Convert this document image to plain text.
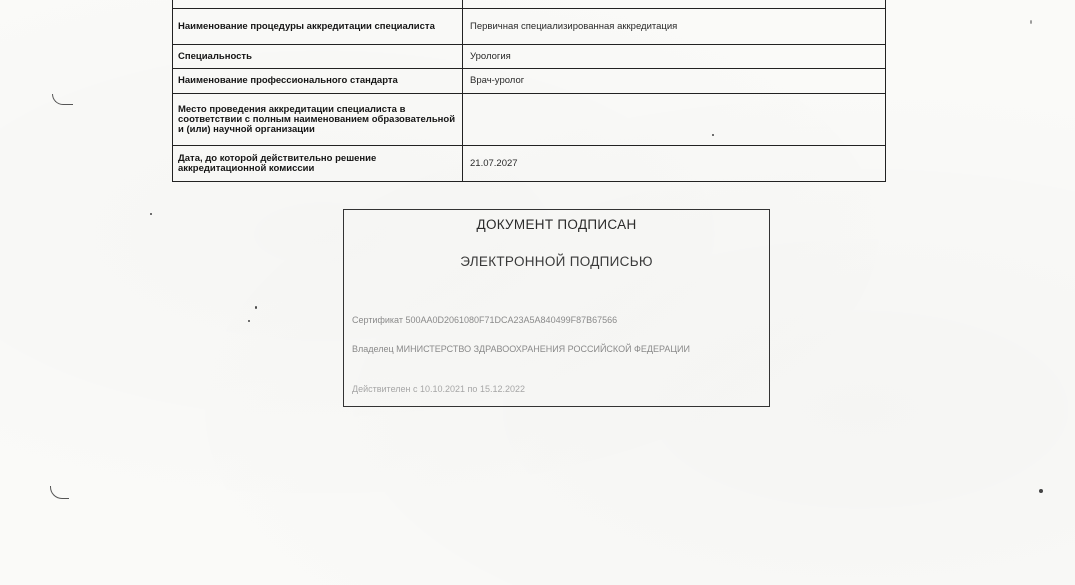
Наименование процедуры аккредитации специалиста	Первичная специализированная аккредитация
Специальность	Урология
Наименование профессионального стандарта	Врач-уролог
Место проведения аккредитации специалиста в соответствии с полным наименованием образовательной и (или) научной организации	
Дата, до которой действительно решение аккредитационной комиссии	21.07.2027
ДОКУМЕНТ ПОДПИСАН
ЭЛЕКТРОННОЙ ПОДПИСЬЮ
Сертификат 500AA0D2061080F71DCA23A5A840499F87B67566
Владелец МИНИСТЕРСТВО ЗДРАВООХРАНЕНИЯ РОССИЙСКОЙ ФЕДЕРАЦИИ
Действителен с 10.10.2021 по 15.12.2022
